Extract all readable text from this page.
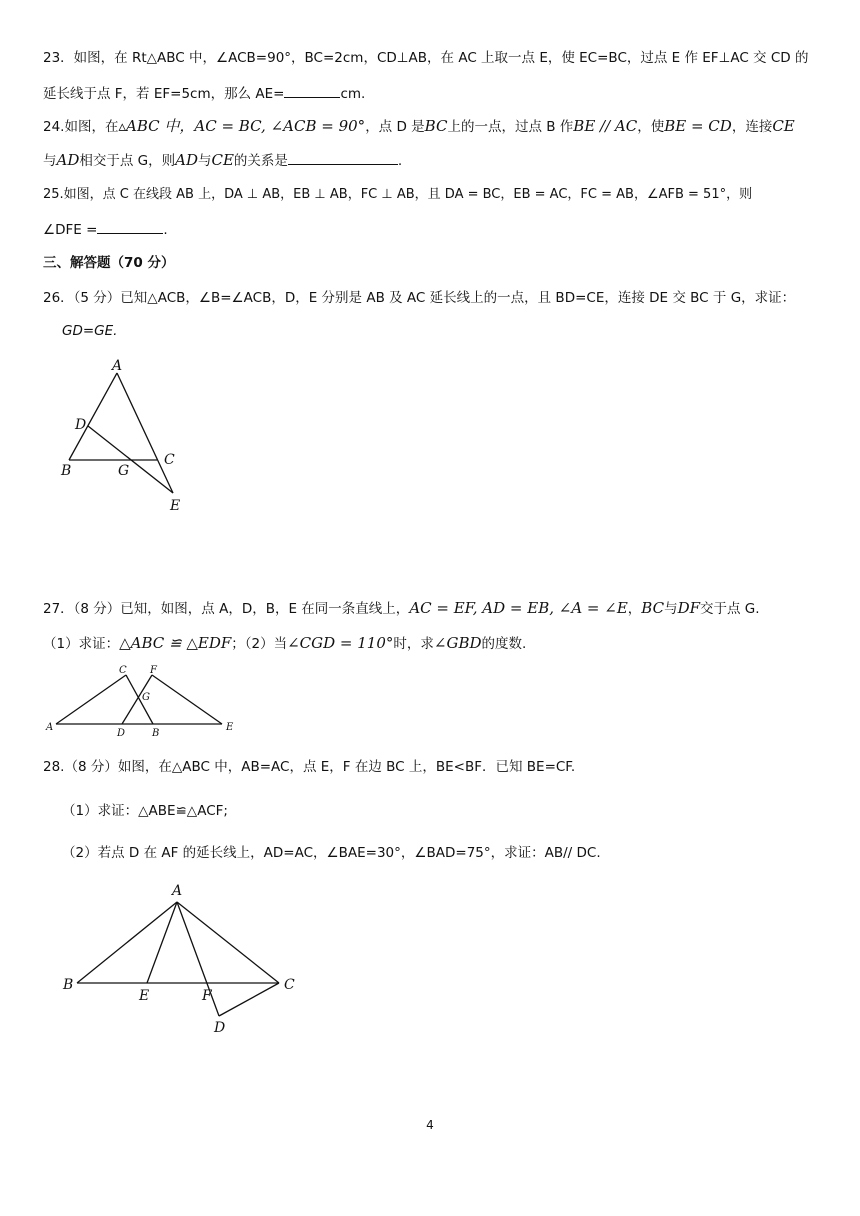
23．如图，在 Rt△ABC 中，∠ACB=90°，BC=2cm，CD⊥AB，在 AC 上取一点 E，使 EC=BC，过点 E 作 EF⊥AC 交 CD 的
延长线于点 F，若 EF=5cm，那么 AE=	cm.
24.如图，在▵ABC 中，AC = BC, ∠ACB = 90°，点 D 是BC上的一点，过点 B 作BE // AC，使BE = CD，连接CE
与AD相交于点 G，则AD与CE的关系是	.
25.如图，点 C 在线段 AB 上，DA ⊥ AB，EB ⊥ AB，FC ⊥ AB，且 DA = BC，EB = AC，FC = AB，∠AFB = 51°，则
∠DFE =	.
三、解答题（70 分）
26．（5 分）已知△ACB，∠B=∠ACB，D，E 分别是 AB 及 AC 延长线上的一点，且 BD=CE，连接 DE 交 BC 于 G，求证：
GD=GE.
A
D
B	G
C
E
27．（8 分）已知，如图，点 A，D，B，E 在同一条直线上，AC = EF, AD = EB, ∠A = ∠E，BC与DF交于点 G.
（1）求证：△ABC ≌ △EDF；（2）当∠CGD = 110°时，求∠GBD的度数.
C F
G
A
D	B
E
28.（8 分）如图，在△ABC 中，AB=AC，点 E，F 在边 BC 上，BE<BF．已知 BE=CF.
（1）求证：△ABE≌△ACF;
（2）若点 D 在 AF 的延长线上，AD=AC，∠BAE=30°，∠BAD=75°，求证：AB// DC.
A
B
E	F
C
D
4
